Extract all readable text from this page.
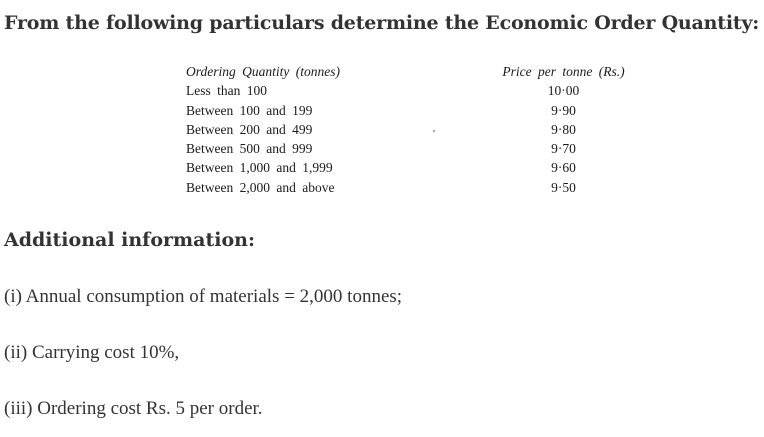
From the following particulars determine the Economic Order Quantity:
Ordering Quantity (tonnes)	Price per tonne (Rs.)
Less than 100	10·00
Between 100 and 199	9·90
Between 200 and 499	9·80
Between 500 and 999	9·70
Between 1,000 and 1,999	9·60
Between 2,000 and above	9·50
Additional information:

(i) Annual consumption of materials = 2,000 tonnes;

(ii) Carrying cost 10%,

(iii) Ordering cost Rs. 5 per order.
